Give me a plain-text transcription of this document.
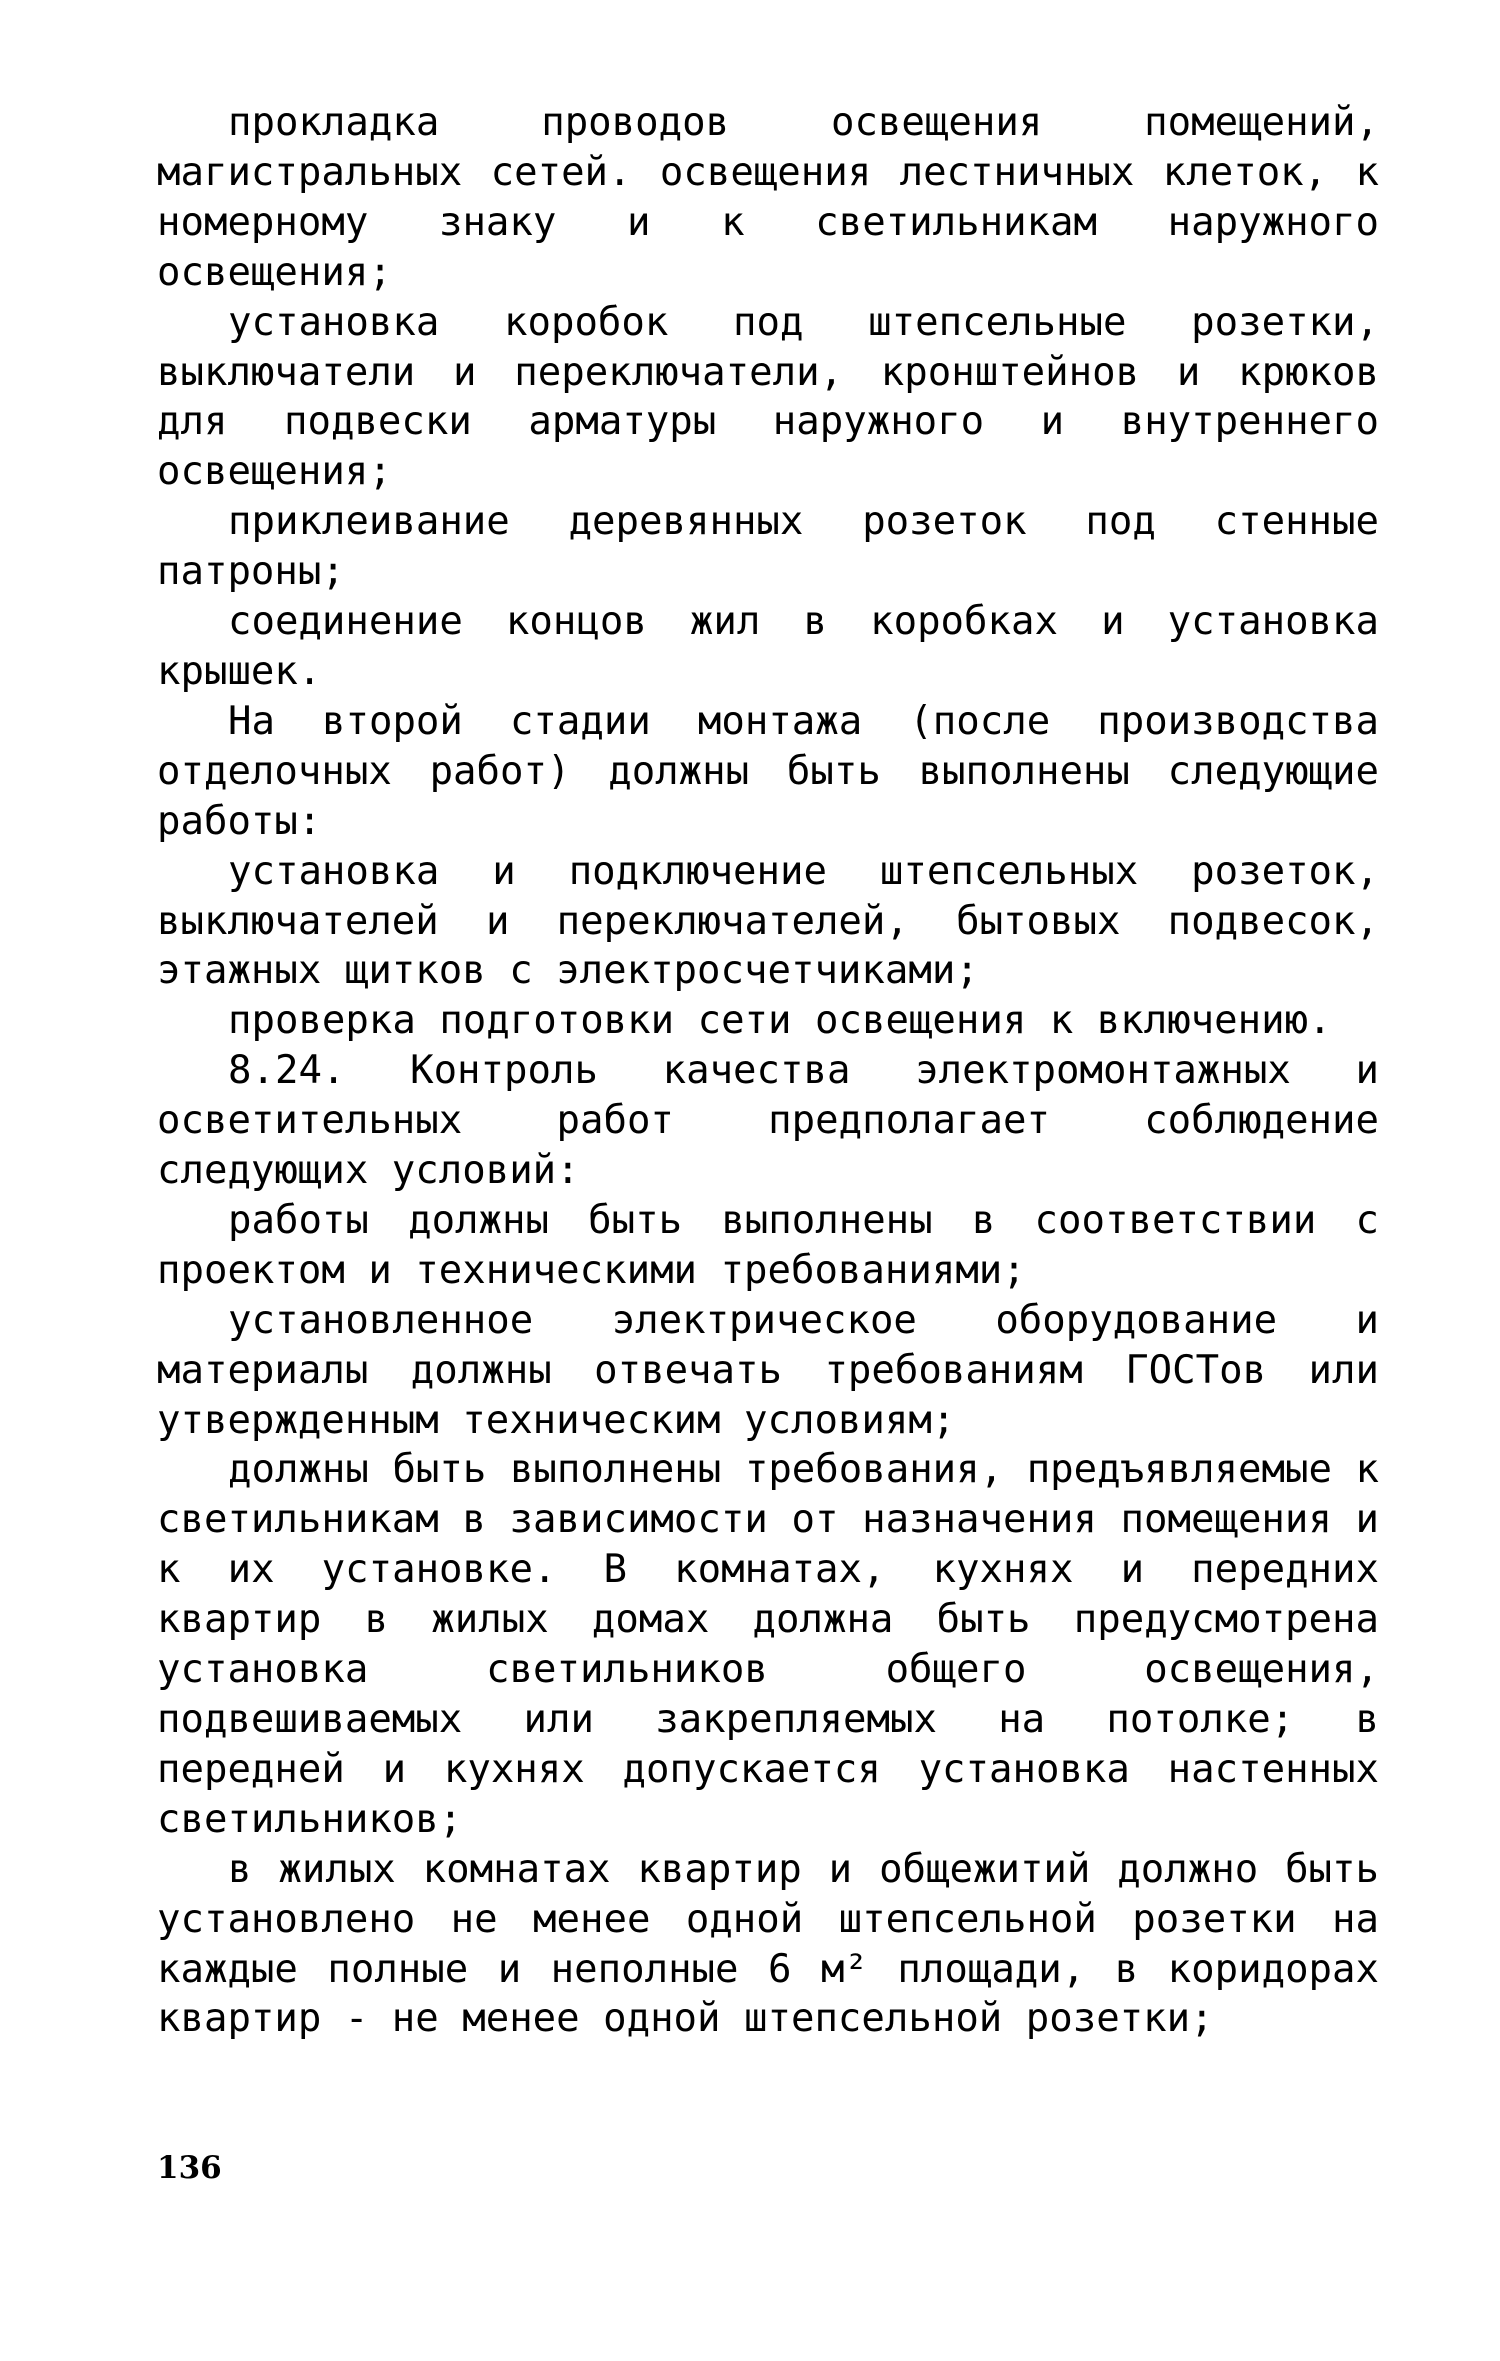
прокладка проводов освещения помещений, магистральных сетей. освещения лестничных клеток, к номерному знаку и к светильникам наружного освещения;

установка коробок под штепсельные розетки, выключатели и переключатели, кронштейнов и крюков для подвески арматуры наружного и внутреннего освещения;

приклеивание деревянных розеток под стенные патроны;

соединение концов жил в коробках и установка крышек.

На второй стадии монтажа (после производства отделочных работ) должны быть выполнены следующие работы:

установка и подключение штепсельных розеток, выключателей и переключателей, бытовых подвесок, этажных щитков с электросчетчиками;

проверка подготовки сети освещения к включению.

8.24. Контроль качества электромонтажных и осветительных работ предполагает соблюдение следующих условий:

работы должны быть выполнены в соответствии с проектом и техническими требованиями;

установленное электрическое оборудование и материалы должны отвечать требованиям ГОСТов или утвержденным техническим условиям;

должны быть выполнены требования, предъявляемые к светильникам в зависимости от назначения помещения и к их установке. В комнатах, кухнях и передних квартир в жилых домах должна быть предусмотрена установка светильников общего освещения, подвешиваемых или закрепляемых на потолке; в передней и кухнях допускается установка настенных светильников;

в жилых комнатах квартир и общежитий должно быть установлено не менее одной штепсельной розетки на каждые полные и неполные 6 м² площади, в коридорах квартир - не менее одной штепсельной розетки;

136
